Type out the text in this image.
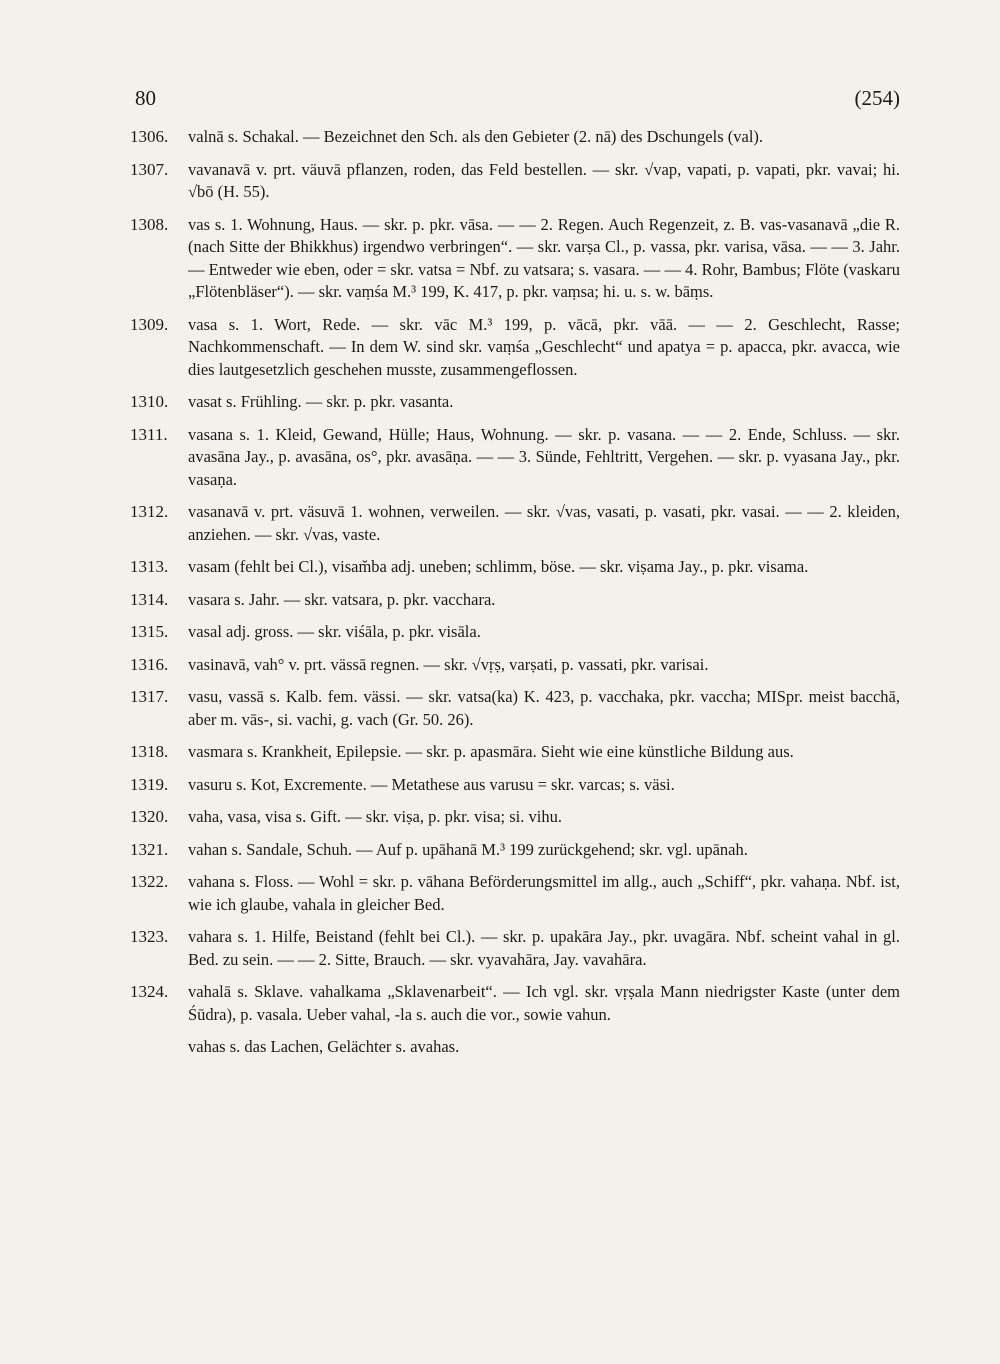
80	(254)
1306.	valnā s. Schakal. — Bezeichnet den Sch. als den Gebieter (2. nā) des Dschungels (val).
1307.	vavanavā v. prt. väuvā pflanzen, roden, das Feld bestellen. — skr. √vap, vapati, p. vapati, pkr. vavai; hi. √bō (H. 55).
1308.	vas s. 1. Wohnung, Haus. — skr. p. pkr. vāsa. — — 2. Regen. Auch Regenzeit, z. B. vas-vasanavā „die R. (nach Sitte der Bhikkhus) irgendwo verbringen“. — skr. varṣa Cl., p. vassa, pkr. varisa, vāsa. — — 3. Jahr. — Entweder wie eben, oder = skr. vatsa = Nbf. zu vatsara; s. vasara. — — 4. Rohr, Bambus; Flöte (vaskaru „Flötenbläser“). — skr. vaṃśa M.³ 199, K. 417, p. pkr. vaṃsa; hi. u. s. w. bāṃs.
1309.	vasa s. 1. Wort, Rede. — skr. vāc M.³ 199, p. vācā, pkr. vāā. — — 2. Geschlecht, Rasse; Nachkommenschaft. — In dem W. sind skr. vaṃśa „Geschlecht“ und apatya = p. apacca, pkr. avacca, wie dies lautgesetzlich geschehen musste, zusammengeflossen.
1310.	vasat s. Frühling. — skr. p. pkr. vasanta.
1311.	vasana s. 1. Kleid, Gewand, Hülle; Haus, Wohnung. — skr. p. vasana. — — 2. Ende, Schluss. — skr. avasāna Jay., p. avasāna, os°, pkr. avasāṇa. — — 3. Sünde, Fehltritt, Vergehen. — skr. p. vyasana Jay., pkr. vasaṇa.
1312.	vasanavā v. prt. väsuvā 1. wohnen, verweilen. — skr. √vas, vasati, p. vasati, pkr. vasai. — — 2. kleiden, anziehen. — skr. √vas, vaste.
1313.	vasam (fehlt bei Cl.), visam̆ba adj. uneben; schlimm, böse. — skr. viṣama Jay., p. pkr. visama.
1314.	vasara s. Jahr. — skr. vatsara, p. pkr. vacchara.
1315.	vasal adj. gross. — skr. viśāla, p. pkr. visāla.
1316.	vasinavā, vah° v. prt. vässā regnen. — skr. √vṛṣ, varṣati, p. vassati, pkr. varisai.
1317.	vasu, vassā s. Kalb. fem. vässi. — skr. vatsa(ka) K. 423, p. vacchaka, pkr. vaccha; MISpr. meist bacchā, aber m. vās-, si. vachi, g. vach (Gr. 50. 26).
1318.	vasmara s. Krankheit, Epilepsie. — skr. p. apasmāra. Sieht wie eine künstliche Bildung aus.
1319.	vasuru s. Kot, Excremente. — Metathese aus varusu = skr. varcas; s. väsi.
1320.	vaha, vasa, visa s. Gift. — skr. viṣa, p. pkr. visa; si. vihu.
1321.	vahan s. Sandale, Schuh. — Auf p. upāhanā M.³ 199 zurückgehend; skr. vgl. upānah.
1322.	vahana s. Floss. — Wohl = skr. p. vāhana Beförderungsmittel im allg., auch „Schiff“, pkr. vahaṇa. Nbf. ist, wie ich glaube, vahala in gleicher Bed.
1323.	vahara s. 1. Hilfe, Beistand (fehlt bei Cl.). — skr. p. upakāra Jay., pkr. uvagāra. Nbf. scheint vahal in gl. Bed. zu sein. — — 2. Sitte, Brauch. — skr. vyavahāra, Jay. vavahāra.
1324.	vahalā s. Sklave. vahalkama „Sklavenarbeit“. — Ich vgl. skr. vṛṣala Mann niedrigster Kaste (unter dem Śūdra), p. vasala. Ueber vahal, -la s. auch die vor., sowie vahun.
vahas s. das Lachen, Gelächter s. avahas.
